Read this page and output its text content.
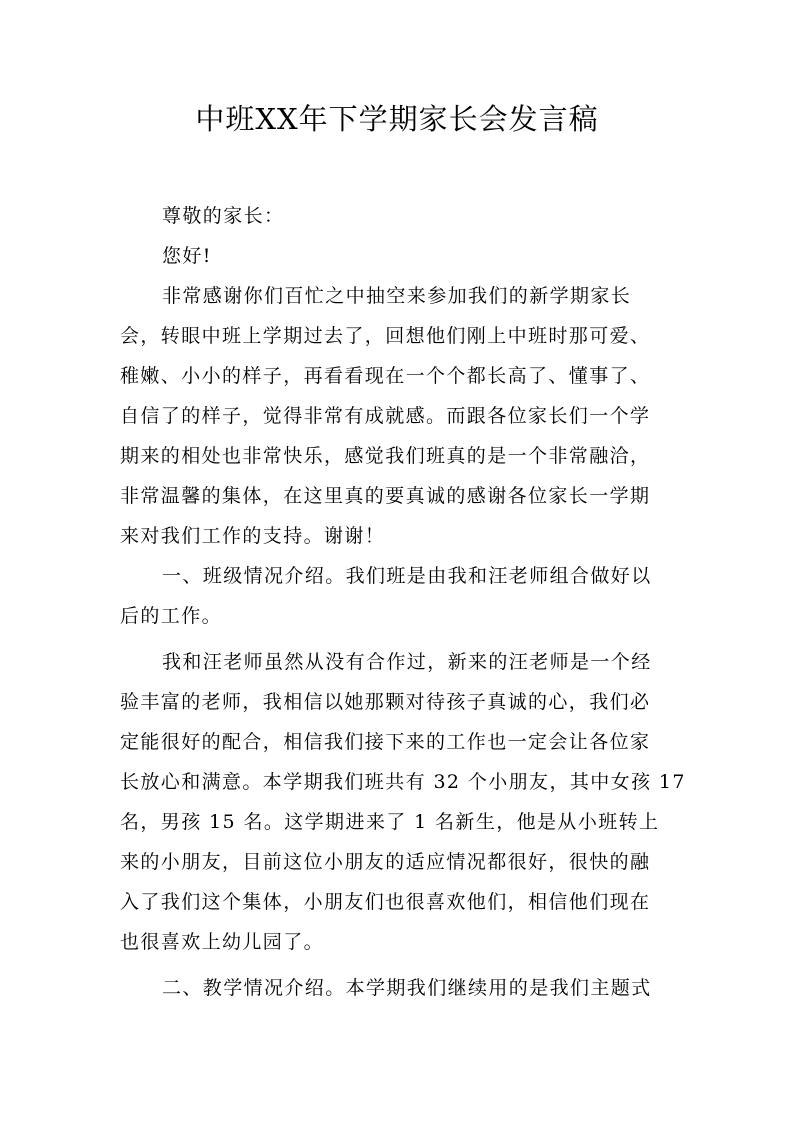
中班XX年下学期家长会发言稿

尊敬的家长：

您好!

非常感谢你们百忙之中抽空来参加我们的新学期家长
会，转眼中班上学期过去了，回想他们刚上中班时那可爱、
稚嫩、小小的样子，再看看现在一个个都长高了、懂事了、
自信了的样子，觉得非常有成就感。而跟各位家长们一个学
期来的相处也非常快乐，感觉我们班真的是一个非常融洽，
非常温馨的集体，在这里真的要真诚的感谢各位家长一学期
来对我们工作的支持。谢谢！

一、班级情况介绍。我们班是由我和汪老师组合做好以
后的工作。

我和汪老师虽然从没有合作过，新来的汪老师是一个经
验丰富的老师，我相信以她那颗对待孩子真诚的心，我们必
定能很好的配合，相信我们接下来的工作也一定会让各位家
长放心和满意。本学期我们班共有 32 个小朋友，其中女孩 17
名，男孩 15 名。这学期进来了 1 名新生，他是从小班转上
来的小朋友，目前这位小朋友的适应情况都很好，很快的融
入了我们这个集体，小朋友们也很喜欢他们，相信他们现在
也很喜欢上幼儿园了。

二、教学情况介绍。本学期我们继续用的是我们主题式
